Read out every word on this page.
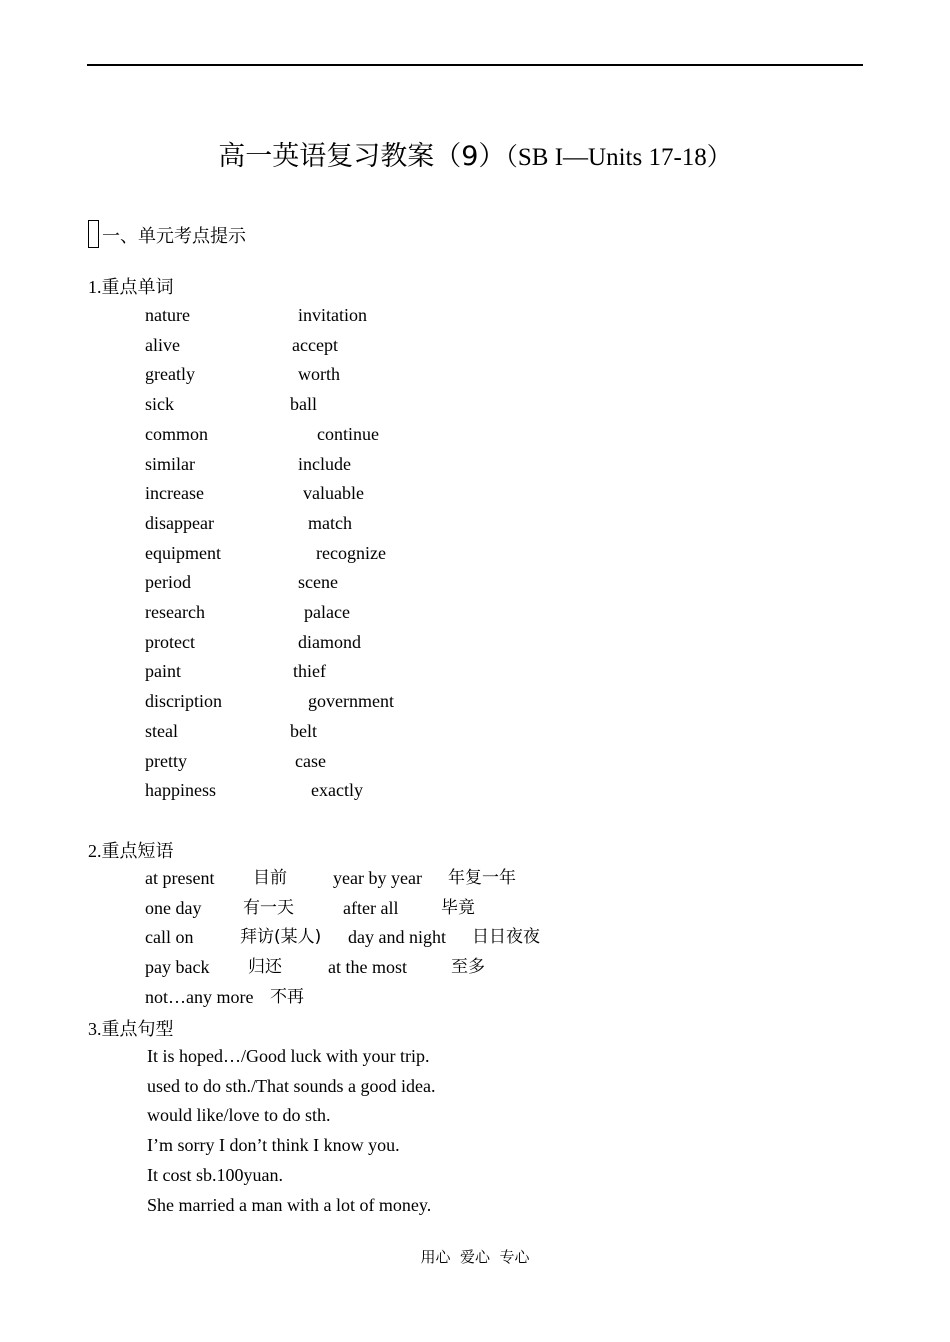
高一英语复习教案（9）（SB I—Units 17-18）
一、单元考点提示
1.重点单词
nature	invitation
alive	accept
greatly	worth
sick	ball
common	continue
similar	include
increase	valuable
disappear	match
equipment	recognize
period	scene
research	palace
protect	diamond
paint	thief
discription	government
steal	belt
pretty	case
happiness	exactly
2.重点短语
at present 目前	year by year 年复一年
one day 有一天	after all	毕竟
call on	拜访(某人) day and night 日日夜夜
pay back 归还	at the most	至多
not…any more 不再
3.重点句型
It is hoped…/Good luck with your trip.
used to do sth./That sounds a good idea.
would like/love to do sth.
I’m sorry I don’t think I know you.
It cost sb.100yuan.
She married a man with a lot of money.
用心  爱心  专心
